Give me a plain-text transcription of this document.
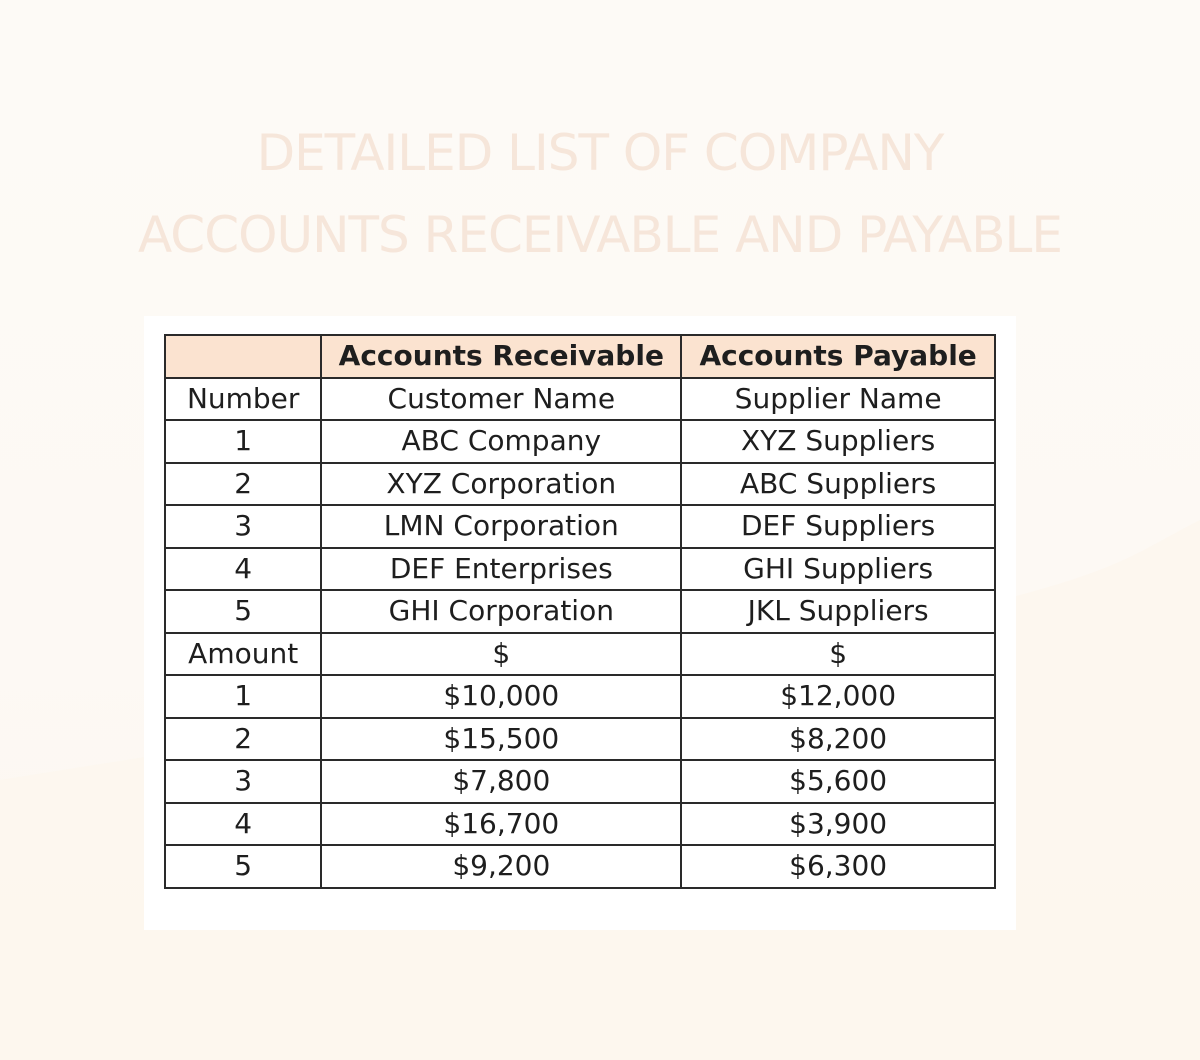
DETAILED LIST OF COMPANY
ACCOUNTS RECEIVABLE AND PAYABLE
	Accounts Receivable	Accounts Payable
Number	Customer Name	Supplier Name
1	ABC Company	XYZ Suppliers
2	XYZ Corporation	ABC Suppliers
3	LMN Corporation	DEF Suppliers
4	DEF Enterprises	GHI Suppliers
5	GHI Corporation	JKL Suppliers
Amount	$	$
1	$10,000	$12,000
2	$15,500	$8,200
3	$7,800	$5,600
4	$16,700	$3,900
5	$9,200	$6,300
